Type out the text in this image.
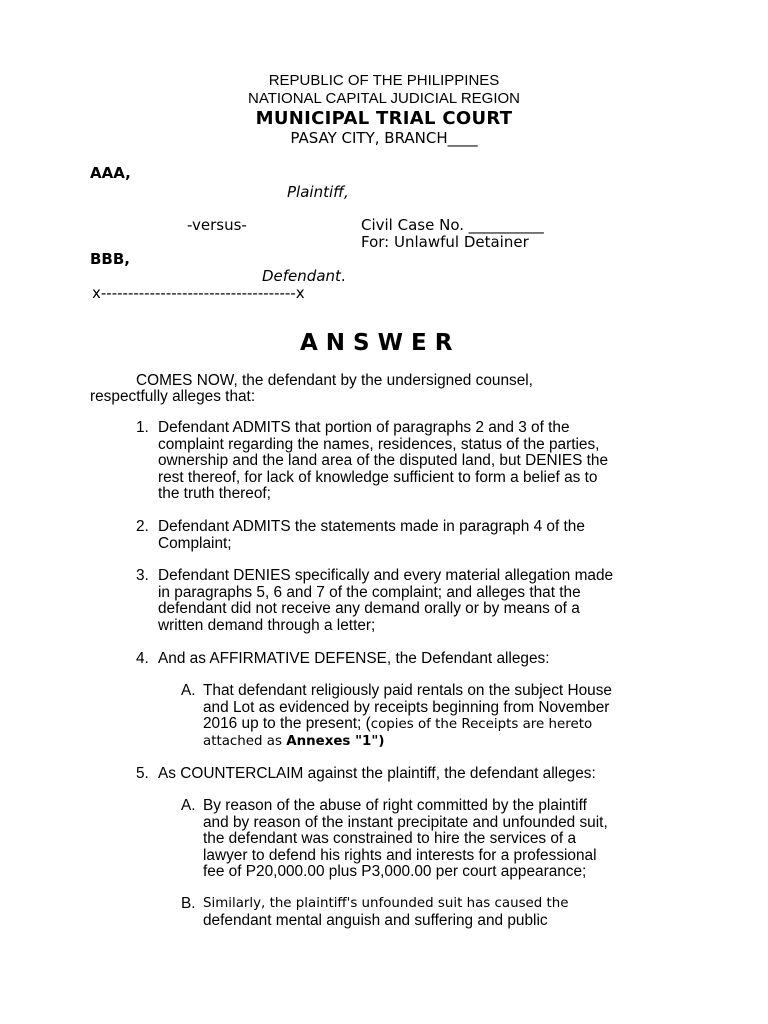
REPUBLIC OF THE PHILIPPINES
NATIONAL CAPITAL JUDICIAL REGION
MUNICIPAL TRIAL COURT
PASAY CITY, BRANCH____
AAA,
Plaintiff,
-versus-	Civil Case No. __________
For: Unlawful Detainer
BBB,
Defendant.
x------------------------------------x
ANSWER
COMES NOW, the defendant by the undersigned counsel,
respectfully alleges that:
1. Defendant ADMITS that portion of paragraphs 2 and 3 of the
complaint regarding the names, residences, status of the parties,
ownership and the land area of the disputed land, but DENIES the
rest thereof, for lack of knowledge sufficient to form a belief as to
the truth thereof;
2. Defendant ADMITS the statements made in paragraph 4 of the
Complaint;
3. Defendant DENIES specifically and every material allegation made
in paragraphs 5, 6 and 7 of the complaint; and alleges that the
defendant did not receive any demand orally or by means of a
written demand through a letter;
4. And as AFFIRMATIVE DEFENSE, the Defendant alleges:
A. That defendant religiously paid rentals on the subject House
and Lot as evidenced by receipts beginning from November
2016 up to the present; (copies of the Receipts are hereto
attached as Annexes "1")
5. As COUNTERCLAIM against the plaintiff, the defendant alleges:
A. By reason of the abuse of right committed by the plaintiff
and by reason of the instant precipitate and unfounded suit,
the defendant was constrained to hire the services of a
lawyer to defend his rights and interests for a professional
fee of P20,000.00 plus P3,000.00 per court appearance;
B. Similarly, the plaintiff's unfounded suit has caused the
defendant mental anguish and suffering and public
